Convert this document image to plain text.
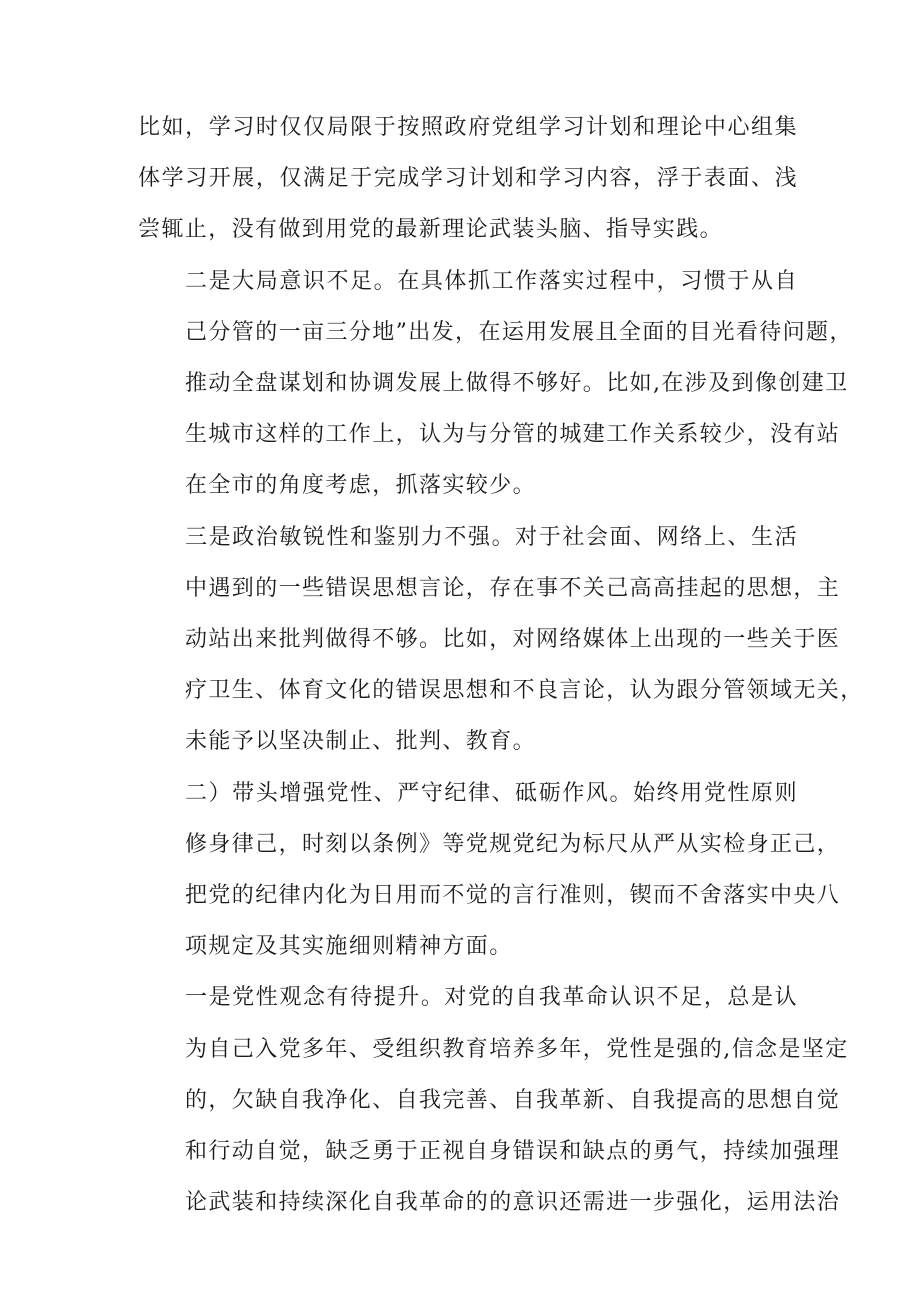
比如，学习时仅仅局限于按照政府党组学习计划和理论中心组集
体学习开展，仅满足于完成学习计划和学习内容，浮于表面、浅
尝辄止，没有做到用党的最新理论武装头脑、指导实践。
二是大局意识不足。在具体抓工作落实过程中，习惯于从自
己分管的一亩三分地”出发，在运用发展且全面的目光看待问题，
推动全盘谋划和协调发展上做得不够好。比如,在涉及到像创建卫
生城市这样的工作上，认为与分管的城建工作关系较少，没有站
在全市的角度考虑，抓落实较少。
三是政治敏锐性和鉴别力不强。对于社会面、网络上、生活
中遇到的一些错误思想言论，存在事不关己高高挂起的思想，主
动站出来批判做得不够。比如，对网络媒体上出现的一些关于医
疗卫生、体育文化的错误思想和不良言论，认为跟分管领域无关，
未能予以坚决制止、批判、教育。
二）带头增强党性、严守纪律、砥砺作风。始终用党性原则
修身律己，时刻以条例》等党规党纪为标尺从严从实检身正己，
把党的纪律内化为日用而不觉的言行准则，锲而不舍落实中央八
项规定及其实施细则精神方面。
一是党性观念有待提升。对党的自我革命认识不足，总是认
为自己入党多年、受组织教育培养多年，党性是强的,信念是坚定
的，欠缺自我净化、自我完善、自我革新、自我提高的思想自觉
和行动自觉，缺乏勇于正视自身错误和缺点的勇气，持续加强理
论武装和持续深化自我革命的的意识还需进一步强化，运用法治
